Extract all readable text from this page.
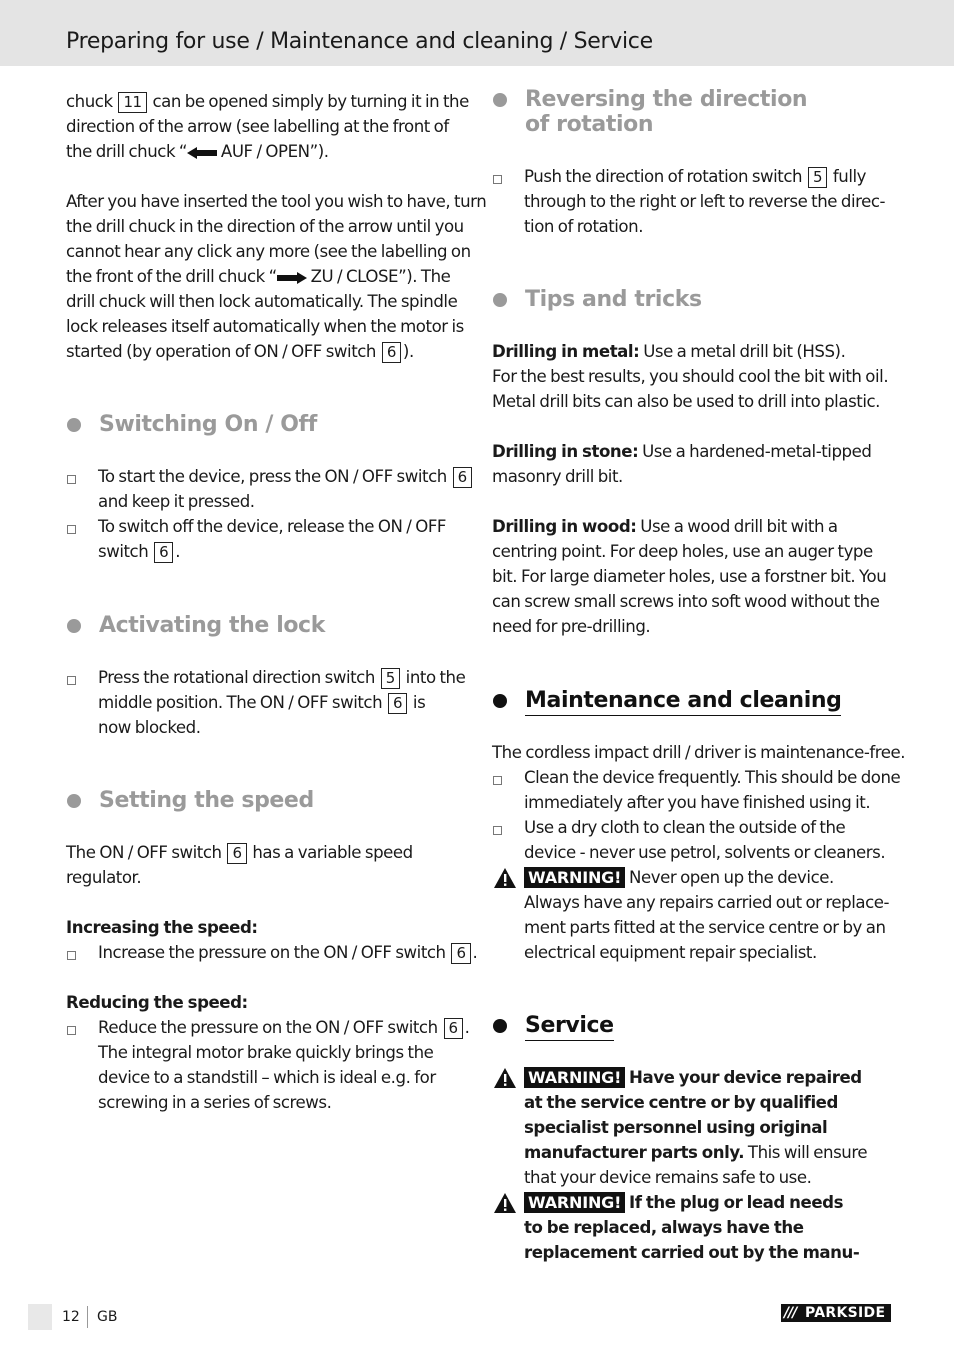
Preparing for use / Maintenance and cleaning / Service

chuck 11 can be opened simply by turning it in the

direction of the arrow (see labelling at the front of

the drill chuck “ AUF / OPEN”).

After you have inserted the tool you wish to have, turn

the drill chuck in the direction of the arrow until you

cannot hear any click any more (see the labelling on

the front of the drill chuck “ ZU / CLOSE”). The

drill chuck will then lock automatically. The spindle

lock releases itself automatically when the motor is

started (by operation of ON / OFF switch 6 ).

Switching On / Off

To start the device, press the ON / OFF switch 6

and keep it pressed.

To switch off the device, release the ON / OFF

switch 6 .

Activating the lock

Press the rotational direction switch 5 into the

middle position. The ON / OFF switch 6 is

now blocked.

Setting the speed

The ON / OFF switch 6 has a variable speed

regulator.

Increasing the speed:

Increase the pressure on the ON / OFF switch 6 .

Reducing the speed:

Reduce the pressure on the ON / OFF switch 6 .

The integral motor brake quickly brings the

device to a standstill – which is ideal e.g. for

screwing in a series of screws.

Reversing the direction
of rotation

Push the direction of rotation switch 5 fully

through to the right or left to reverse the direc-

tion of rotation.

Tips and tricks

Drilling in metal: Use a metal drill bit (HSS).

For the best results, you should cool the bit with oil.

Metal drill bits can also be used to drill into plastic.

Drilling in stone: Use a hardened-metal-tipped

masonry drill bit.

Drilling in wood: Use a wood drill bit with a

centring point. For deep holes, use an auger type

bit. For large diameter holes, use a forstner bit. You

can screw small screws into soft wood without the

need for pre-drilling.

Maintenance and cleaning

The cordless impact drill / driver is maintenance-free.

Clean the device frequently. This should be done

immediately after you have finished using it.

Use a dry cloth to clean the outside of the

device - never use petrol, solvents or cleaners.

WARNING! Never open up the device.

Always have any repairs carried out or replace-

ment parts fitted at the service centre or by an

electrical equipment repair specialist.

Service

WARNING! Have your device repaired

at the service centre or by qualified

specialist personnel using original

manufacturer parts only. This will ensure

that your device remains safe to use.

WARNING! If the plug or lead needs

to be replaced, always have the

replacement carried out by the manu-

12 GB	/// PARKSIDE
